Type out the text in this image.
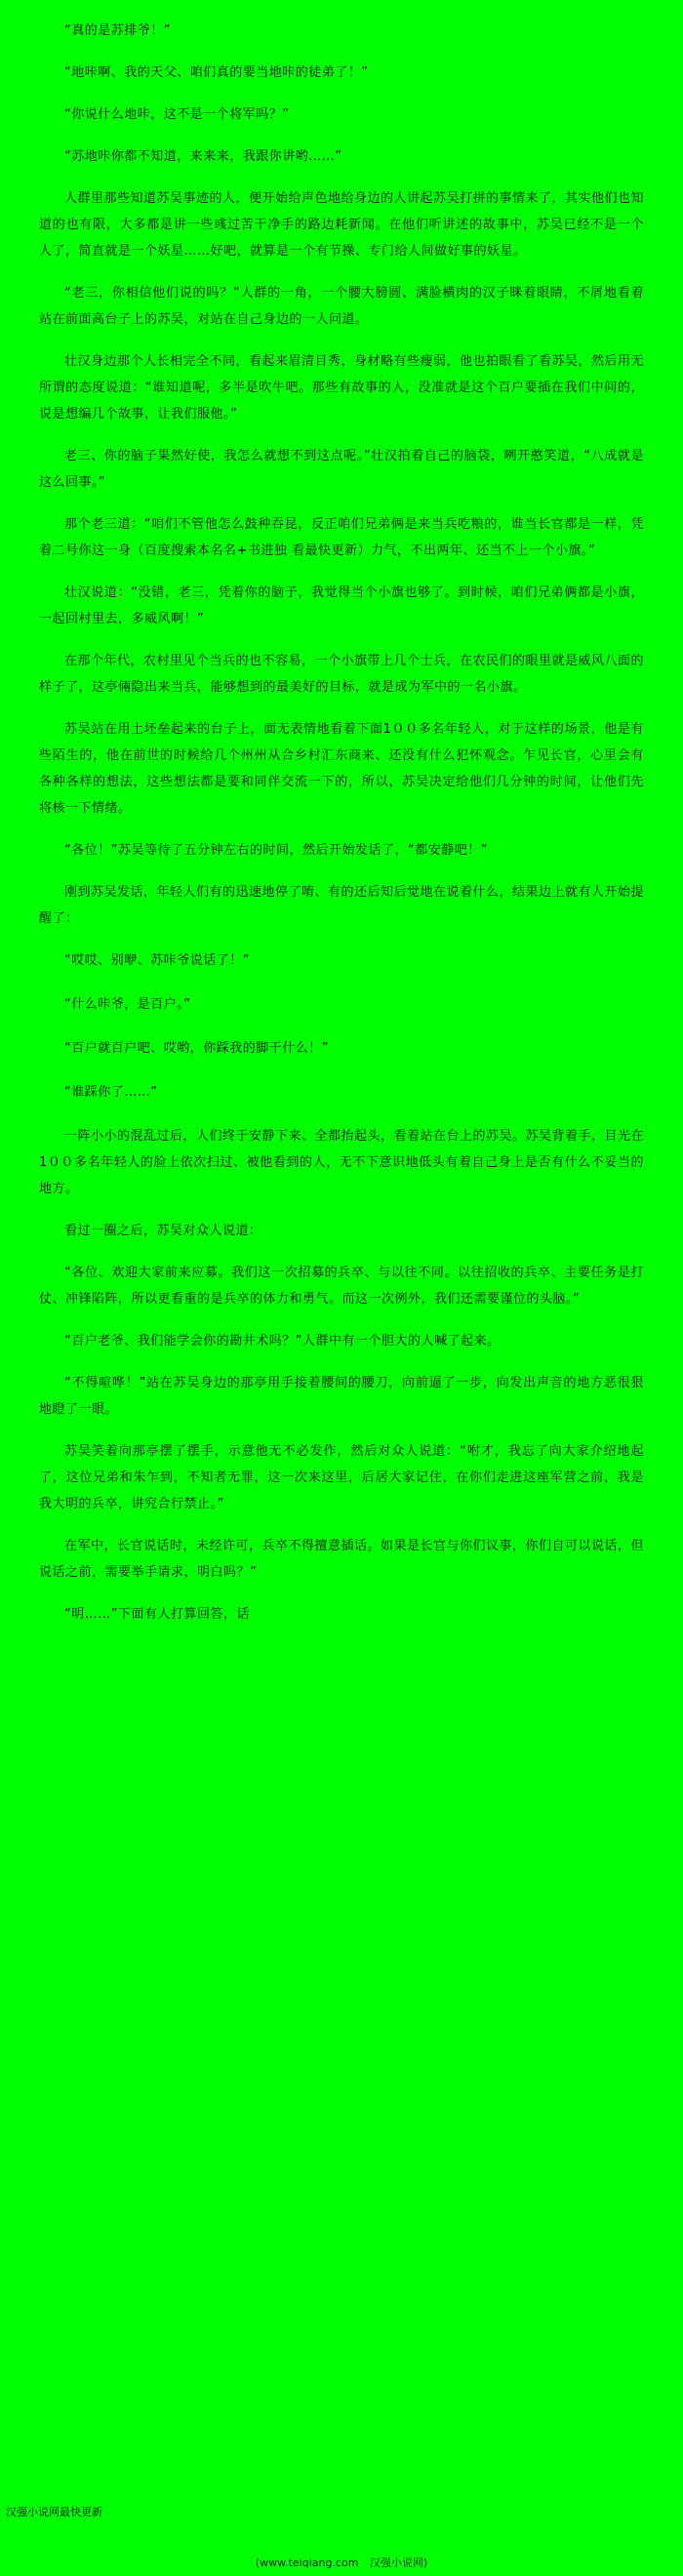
“真的是苏排爷！”

“地咔啊、我的天父、咱们真的要当地咔的徒弟了！”

“你说什么地咔，这不是一个将军吗？”

“苏地咔你都不知道，来来来，我跟你讲哟……”

人群里那些知道苏吴事迹的人，便开始给声色地给身边的人讲起苏吴打拼的事情来了，其实他们也知道的也有限，大多都是讲一些彧过苦干净手的路边耗新闻。在他们听讲述的故事中，苏吴已经不是一个人了，简直就是一个妖星……好吧，就算是一个有节操、专门给人间做好事的妖星。

“老三，你相信他们说的吗？”人群的一角，一个腰大膀圆、满脸横肉的汉子眯着眼睛，不屑地看着站在前面高台子上的苏吴，对站在自己身边的一人问道。

壮汉身边那个人长相完全不同，看起来眉清目秀，身材略有些瘦弱，他也拍眼看了看苏吴，然后用无所谓的态度说道：“谁知道呢，多半是吹牛吧。那些有故事的人，没准就是这个百户要插在我们中间的，说是想编几个故事，让我们服他。”

老三、你的脑子果然好使，我怎么就想不到这点呢。”壮汉拍着自己的脑袋，咧开憨笑道，“八成就是这么回事。”

那个老三道：“咱们不管他怎么鼓种吞昆，反正咱们兄弟俩是来当兵吃粮的，谁当长官都是一样，凭着二号你这一身（百度搜索本名名+书进独 看最快更新）力气，不出两年、还当不上一个小旗。”

壮汉说道：“没错，老三，凭着你的脑子，我觉得当个小旗也够了。到时候，咱们兄弟俩都是小旗，一起回村里去，多威风啊！”

在那个年代，农村里见个当兵的也不容易，一个小旗带上几个士兵，在农民们的眼里就是威风八面的样子了，这亭倆隐出来当兵，能够想到的最美好的目标，就是成为军中的一名小旗。

苏吴站在用土坯垒起来的台子上，面无表情地看着下面1００多名年轻人，对于这样的场景，他是有些陌生的，他在前世的时候给几个州州从合乡村汇东商来、还没有什么犯怀观念。乍见长官，心里会有各种各样的想法，这些想法都是要和同伴交流一下的，所以，苏吴决定给他们几分钟的时间，让他们先将核一下情绪。

“各位！”苏吴等待了五分钟左右的时间，然后开始发话了，“都安静吧！”

刚到苏吴发话，年轻人们有的迅速地停了唷、有的还后知后觉地在说着什么，结果边上就有人开始提醒了：

“哎哎、别咿、苏咔爷说话了！”

“什么咔爷，是百户。”

“百户就百户吧、哎哟，你踩我的脚干什么！”

“谁踩你了……”

一阵小小的混乱过后，人们终于安静下来、全都抬起头，看着站在台上的苏吴。苏吴背着手，目光在1００多名年轻人的脸上依次扫过、被他看到的人，无不下意识地低头有着自己身上是否有什么不妥当的地方。

看过一圈之后，苏吴对众人说道：

“各位、欢迎大家前来应募。我们这一次招募的兵卒、与以往不同。以往招收的兵卒、主要任务是打仗、冲锋陷阵，所以更看重的是兵卒的体力和勇气。而这一次例外，我们还需要谨位的头脑。”

“百户老爷、我们能学会你的勘井术吗？”人群中有一个胆大的人喊了起来。

“不得喧哗！”站在苏吴身边的那亭用手接着腰间的腰刀，向前逼了一步，向发出声音的地方恶很狠地瞪了一眼。

苏吴笑着向那亭摆了摆手，示意他无不必发作，然后对众人说道：“咐才，我忘了向大家介绍地起了，这位兄弟和朱乍到，不知者无罪，这一次来这里，后居大家记住，在你们走进这座军营之前，我是我大明的兵卒，讲究合行禁止。”

在军中，长官说话时，未经许可，兵卒不得擅意插话。如果是长官与你们议事，你们自可以说话，但说话之前，需要举手请求，明白吗？”

“明……”下面有人打算回答，话

汉强小说网最快更新
(www.teiqiang.com 汉强小说网)
